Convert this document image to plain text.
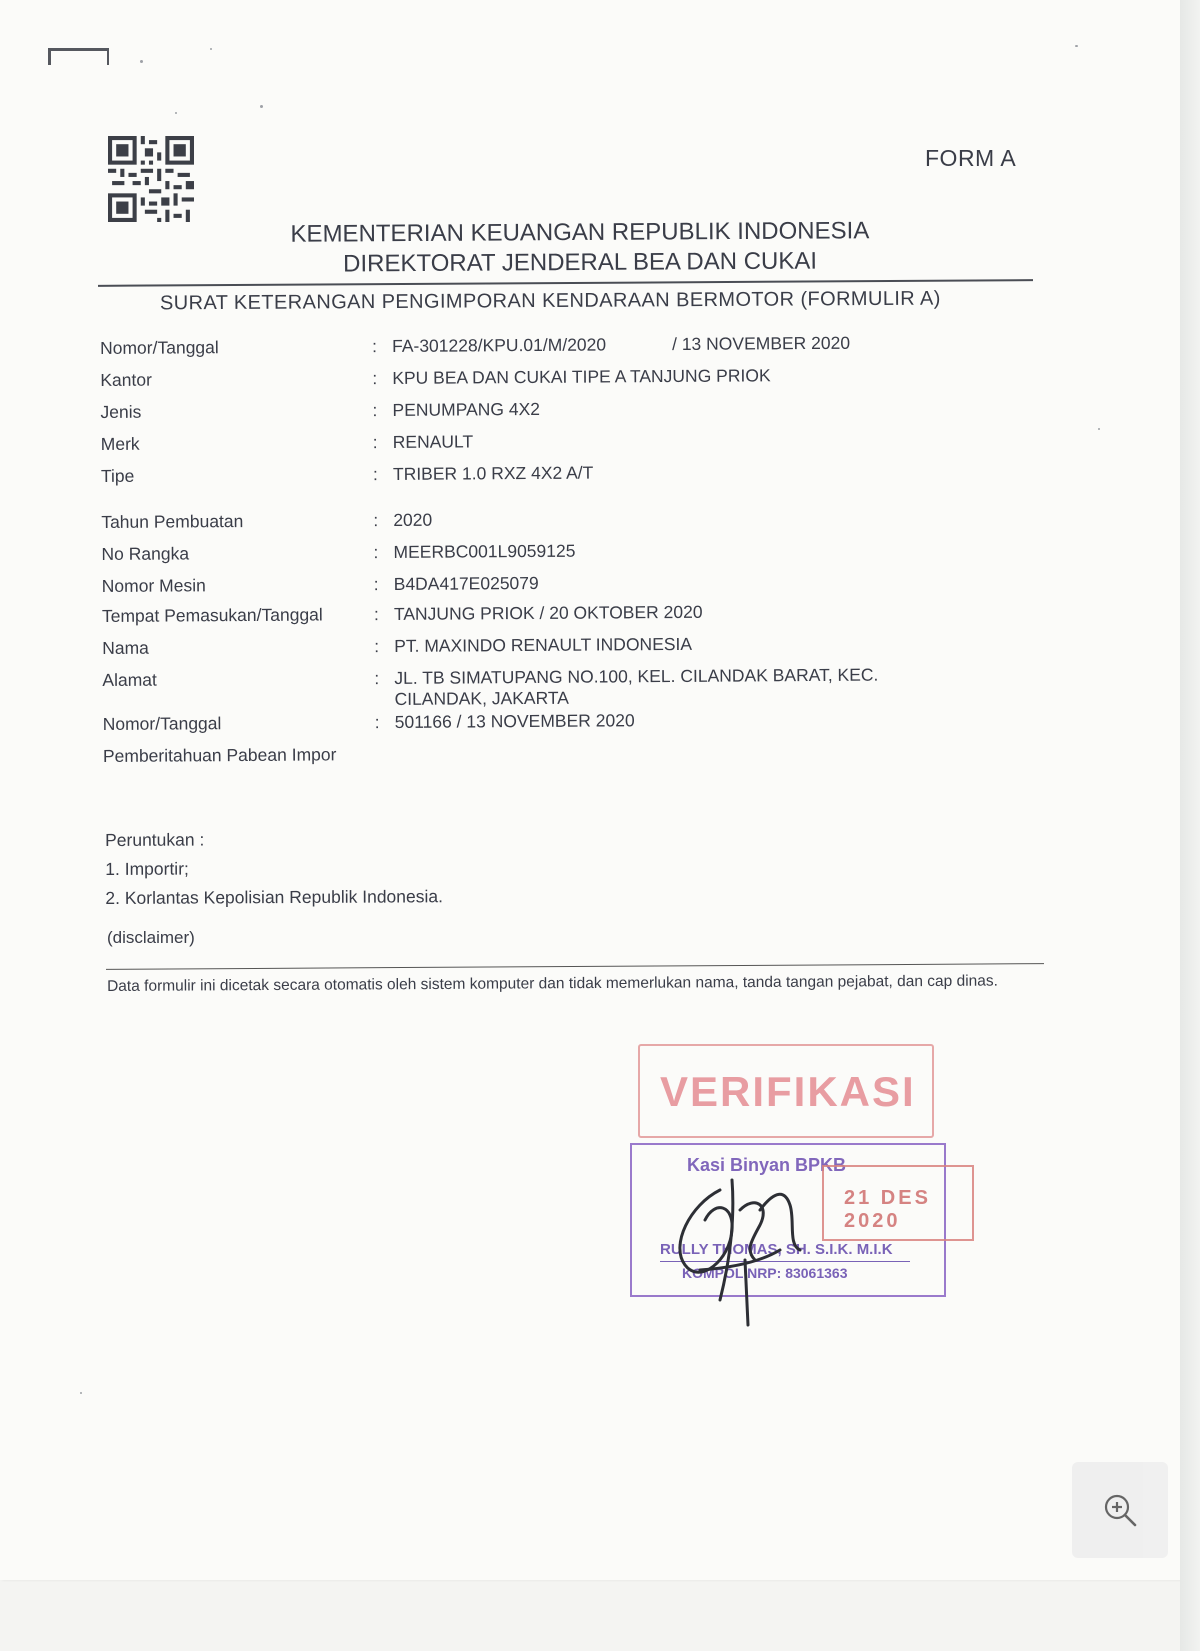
FORM A
KEMENTERIAN KEUANGAN REPUBLIK INDONESIA
DIREKTORAT JENDERAL BEA DAN CUKAI
SURAT KETERANGAN PENGIMPORAN KENDARAAN BERMOTOR (FORMULIR A)
Nomor/Tanggal	: FA-301228/KPU.01/M/2020	/ 13 NOVEMBER 2020
Kantor	: KPU BEA DAN CUKAI TIPE A TANJUNG PRIOK
Jenis	: PENUMPANG 4X2
Merk	: RENAULT
Tipe	: TRIBER 1.0 RXZ 4X2 A/T
Tahun Pembuatan	: 2020
No Rangka	: MEERBC001L9059125
Nomor Mesin	: B4DA417E025079
Tempat Pemasukan/Tanggal	: TANJUNG PRIOK / 20 OKTOBER 2020
Nama	: PT. MAXINDO RENAULT INDONESIA
Alamat	: JL. TB SIMATUPANG NO.100, KEL. CILANDAK BARAT, KEC. CILANDAK, JAKARTA
Nomor/Tanggal	: 501166 / 13 NOVEMBER 2020
Pemberitahuan Pabean Impor
Peruntukan :
1. Importir;
2. Korlantas Kepolisian Republik Indonesia.
(disclaimer)
Data formulir ini dicetak secara otomatis oleh sistem komputer dan tidak memerlukan nama, tanda tangan pejabat, dan cap dinas.
VERIFIKASI
Kasi Binyan BPKB
RULLY THOMAS, SH. S.I.K. M.I.K
KOMPOL NRP: 83061363
21 DES 2020
